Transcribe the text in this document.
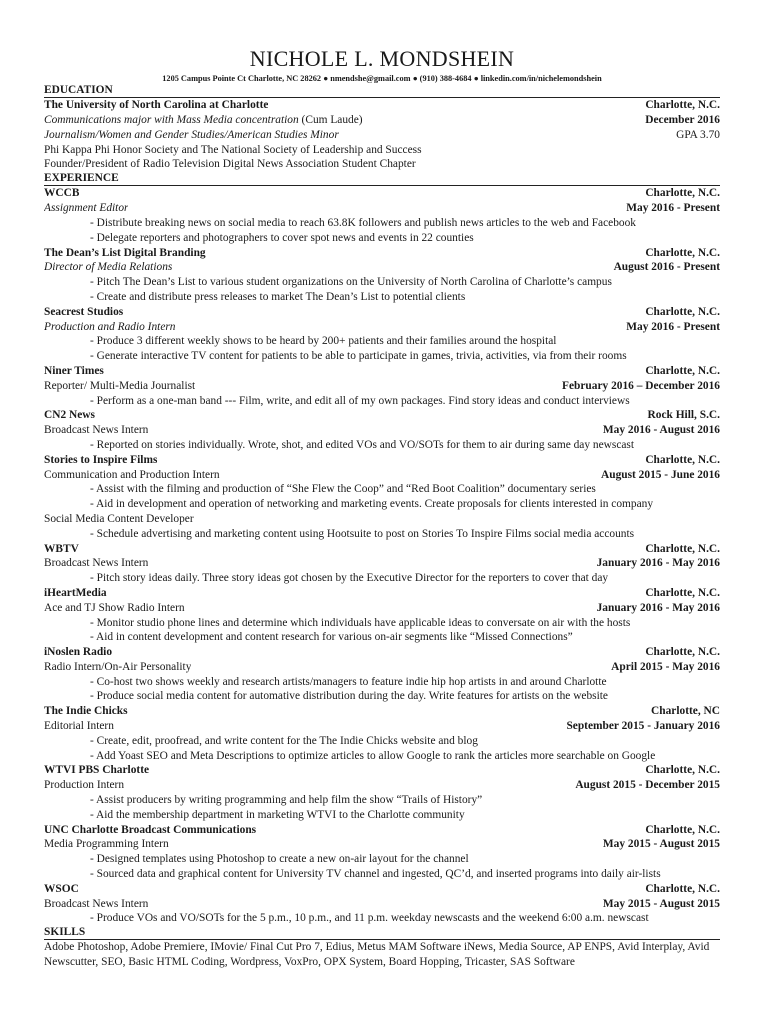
NICHOLE L. MONDSHEIN
1205 Campus Pointe Ct Charlotte, NC 28262 ● nmendshe@gmail.com ● (910) 388-4684 ● linkedin.com/in/nichelemondshein
EDUCATION
The University of North Carolina at Charlotte	Charlotte, N.C.
Communications major with Mass Media concentration (Cum Laude)	December 2016
Journalism/Women and Gender Studies/American Studies Minor	GPA 3.70
Phi Kappa Phi Honor Society and The National Society of Leadership and Success
Founder/President of Radio Television Digital News Association Student Chapter
EXPERIENCE
WCCB	Charlotte, N.C.
Assignment Editor	May 2016 - Present
- Distribute breaking news on social media to reach 63.8K followers and publish news articles to the web and Facebook
- Delegate reporters and photographers to cover spot news and events in 22 counties
The Dean’s List Digital Branding	Charlotte, N.C.
Director of Media Relations	August 2016 - Present
- Pitch The Dean’s List to various student organizations on the University of North Carolina of Charlotte’s campus
- Create and distribute press releases to market The Dean’s List to potential clients
Seacrest Studios	Charlotte, N.C.
Production and Radio Intern	May 2016 - Present
- Produce 3 different weekly shows to be heard by 200+ patients and their families around the hospital
- Generate interactive TV content for patients to be able to participate in games, trivia, activities, via from their rooms
Niner Times	Charlotte, N.C.
Reporter/ Multi-Media Journalist	February 2016 – December 2016
- Perform as a one-man band --- Film, write, and edit all of my own packages. Find story ideas and conduct interviews
CN2 News	Rock Hill, S.C.
Broadcast News Intern	May 2016 - August 2016
- Reported on stories individually. Wrote, shot, and edited VOs and VO/SOTs for them to air during same day newscast
Stories to Inspire Films	Charlotte, N.C.
Communication and Production Intern	August 2015 - June 2016
- Assist with the filming and production of “She Flew the Coop” and “Red Boot Coalition” documentary series
- Aid in development and operation of networking and marketing events. Create proposals for clients interested in company
Social Media Content Developer
- Schedule advertising and marketing content using Hootsuite to post on Stories To Inspire Films social media accounts
WBTV	Charlotte, N.C.
Broadcast News Intern	January 2016 - May 2016
- Pitch story ideas daily. Three story ideas got chosen by the Executive Director for the reporters to cover that day
iHeartMedia	Charlotte, N.C.
Ace and TJ Show Radio Intern	January 2016 - May 2016
- Monitor studio phone lines and determine which individuals have applicable ideas to conversate on air with the hosts
- Aid in content development and content research for various on-air segments like “Missed Connections”
iNoslen Radio	Charlotte, N.C.
Radio Intern/On-Air Personality	April 2015 - May 2016
- Co-host two shows weekly and research artists/managers to feature indie hip hop artists in and around Charlotte
- Produce social media content for automative distribution during the day. Write features for artists on the website
The Indie Chicks	Charlotte, NC
Editorial Intern	September 2015 - January 2016
- Create, edit, proofread, and write content for the The Indie Chicks website and blog
- Add Yoast SEO and Meta Descriptions to optimize articles to allow Google to rank the articles more searchable on Google
WTVI PBS Charlotte	Charlotte, N.C.
Production Intern	August 2015 - December 2015
- Assist producers by writing programming and help film the show “Trails of History”
- Aid the membership department in marketing WTVI to the Charlotte community
UNC Charlotte Broadcast Communications	Charlotte, N.C.
Media Programming Intern	May 2015 - August 2015
- Designed templates using Photoshop to create a new on-air layout for the channel
- Sourced data and graphical content for University TV channel and ingested, QC’d, and inserted programs into daily air-lists
WSOC	Charlotte, N.C.
Broadcast News Intern	May 2015 - August 2015
- Produce VOs and VO/SOTs for the 5 p.m., 10 p.m., and 11 p.m. weekday newscasts and the weekend 6:00 a.m. newscast
SKILLS
Adobe Photoshop, Adobe Premiere, IMovie/ Final Cut Pro 7, Edius, Metus MAM Software iNews, Media Source, AP ENPS, Avid Interplay, Avid Newscutter, SEO, Basic HTML Coding, Wordpress, VoxPro, OPX System, Board Hopping, Tricaster, SAS Software
